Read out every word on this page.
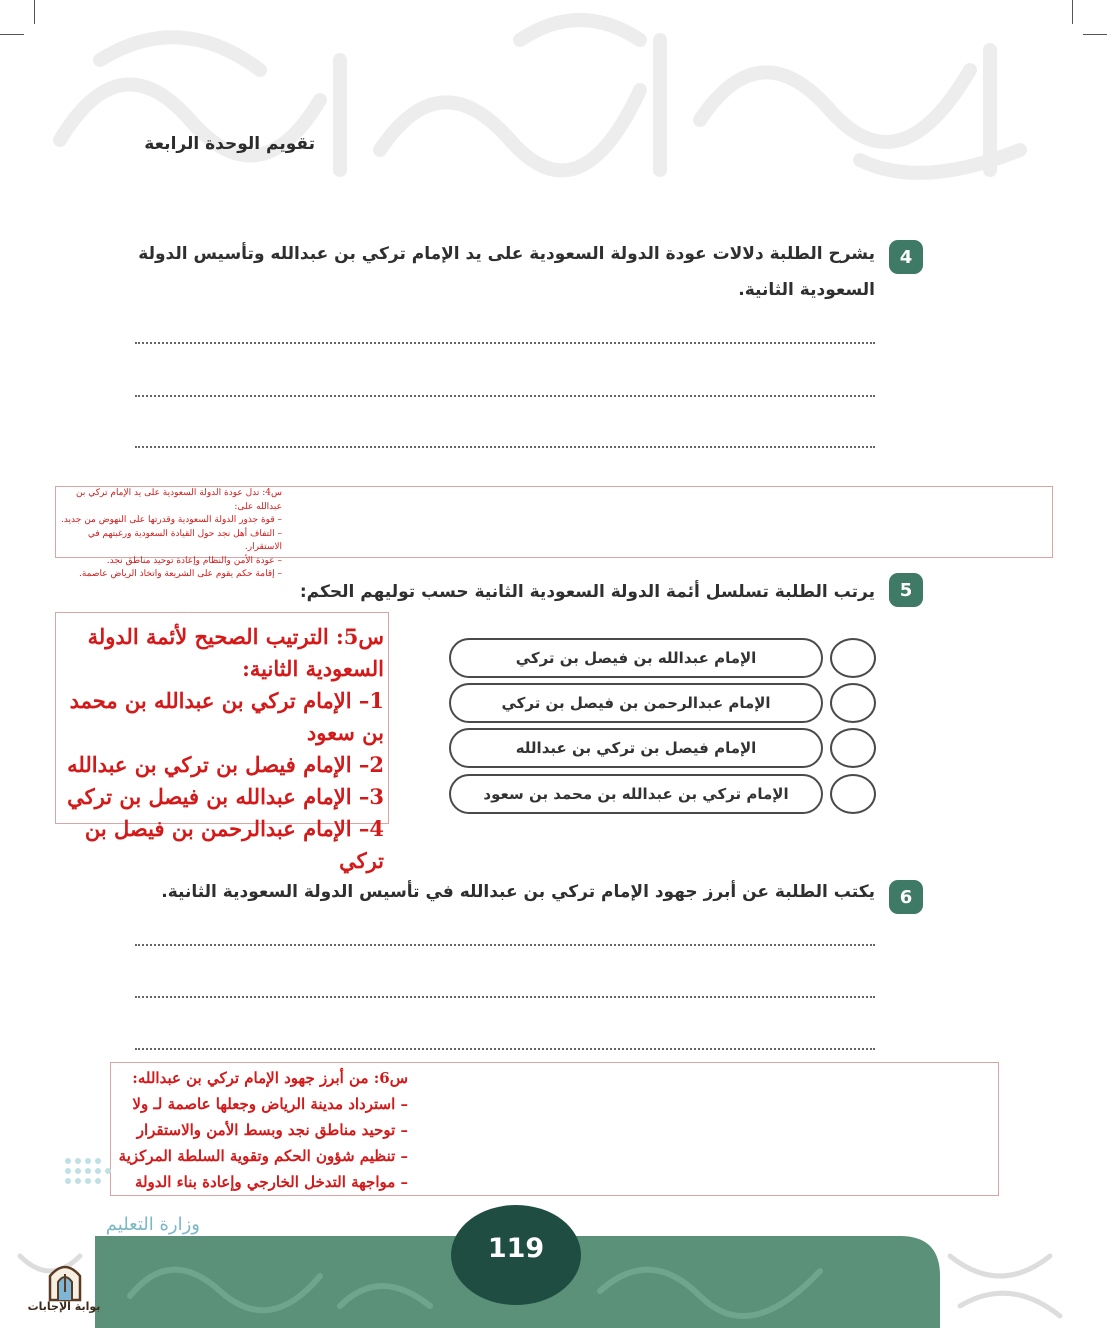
تقويم الوحدة الرابعة
4
يشرح الطلبة دلالات عودة الدولة السعودية على يد الإمام تركي بن عبدالله وتأسيس الدولة
السعودية الثانية.
س4: تدل عودة الدولة السعودية على يد الإمام تركي بن عبدالله على:
– قوة جذور الدولة السعودية وقدرتها على النهوض من جديد.
– التفاف أهل نجد حول القيادة السعودية ورغبتهم في الاستقرار.
– عودة الأمن والنظام وإعادة توحيد مناطق نجد.
– إقامة حكم يقوم على الشريعة واتخاذ الرياض عاصمة.
5
يرتب الطلبة تسلسل أئمة الدولة السعودية الثانية حسب توليهم الحكم:
س5: الترتيب الصحيح لأئمة الدولة
السعودية الثانية:
1– الإمام تركي بن عبدالله بن محمد بن سعود
2– الإمام فيصل بن تركي بن عبدالله
3– الإمام عبدالله بن فيصل بن تركي
4– الإمام عبدالرحمن بن فيصل بن تركي
الإمام عبدالله بن فيصل بن تركي
الإمام عبدالرحمن بن فيصل بن تركي
الإمام فيصل بن تركي بن عبدالله
الإمام تركي بن عبدالله بن محمد بن سعود
6
يكتب الطلبة عن أبرز جهود الإمام تركي بن عبدالله في تأسيس الدولة السعودية الثانية.
س6: من أبرز جهود الإمام تركي بن عبدالله:
– استرداد مدينة الرياض وجعلها عاصمة لـ ولا
– توحيد مناطق نجد وبسط الأمن والاستقرار
– تنظيم شؤون الحكم وتقوية السلطة المركزية
– مواجهة التدخل الخارجي وإعادة بناء الدولة
وزارة التعليم
119
بوابة الإجابات
